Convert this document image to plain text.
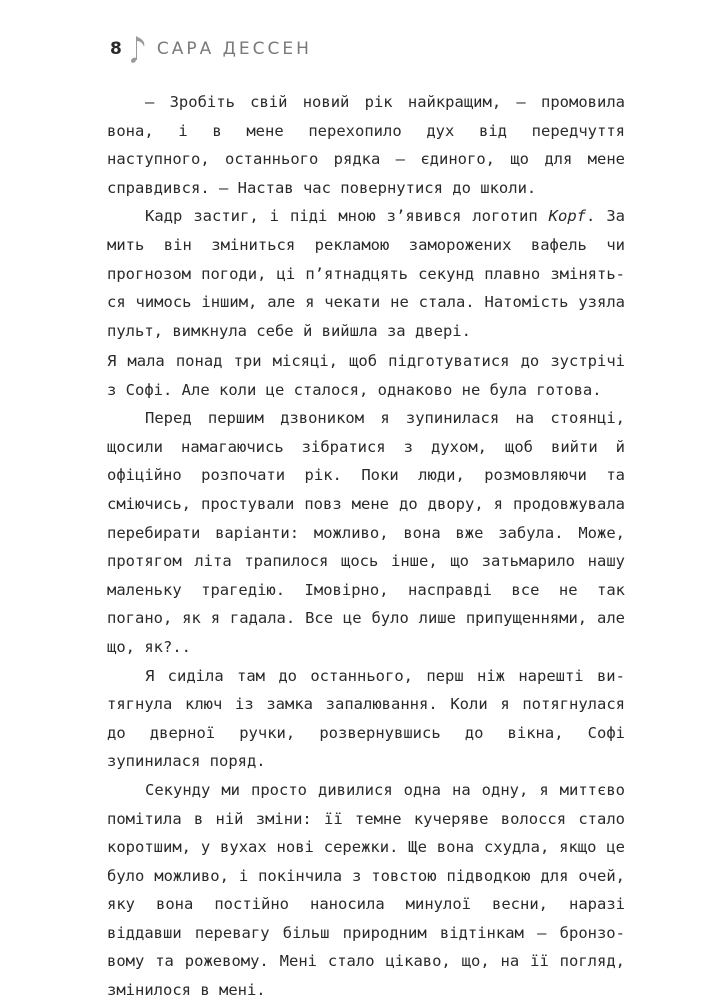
8 САРА ДЕССЕН

— Зробіть свій новий рік найкращим, — промовила вона, і в мене перехопило дух від передчуття наступного, останнього рядка — єдиного, що для мене справдився. — Настав час повернутися до школи.

Кадр застиг, і піді мною з’явився логотип Корf. За мить він зміниться рекламою заморожених вафель чи прогнозом погоди, ці п’ятнадцять секунд плавно зміняться чимось іншим, але я чекати не стала. Натомість узяла пульт, вимкнула себе й вийшла за двері.

Я мала понад три місяці, щоб підготуватися до зустрічі з Софі. Але коли це сталося, однаково не була готова.

Перед першим дзвоником я зупинилася на стоянці, щосили намагаючись зібратися з духом, щоб вийти й офіційно розпочати рік. Поки люди, розмовляючи та сміючись, простували повз мене до двору, я продовжувала перебирати варіанти: можливо, вона вже забула. Може, протягом літа трапилося щось інше, що затьмарило нашу маленьку трагедію. Імовірно, насправді все не так погано, як я гадала. Все це було лише припущеннями, але що, як?..

Я сиділа там до останнього, перш ніж нарешті витягнула ключ із замка запалювання. Коли я потягнулася до дверної ручки, розвернувшись до вікна, Софі зупинилася поряд.

Секунду ми просто дивилися одна на одну, я миттєво помітила в ній зміни: її темне кучеряве волосся стало коротшим, у вухах нові сережки. Ще вона схудла, якщо це було можливо, і покінчила з товстою підводкою для очей, яку вона постійно наносила минулої весни, наразі віддавши перевагу більш природним відтінкам — бронзовому та рожевому. Мені стало цікаво, що, на її погляд, змінилося в мені.
